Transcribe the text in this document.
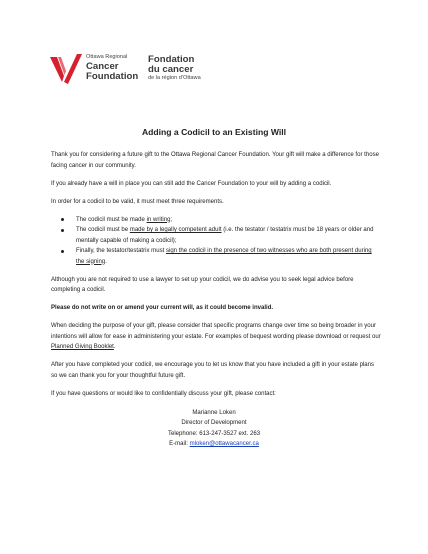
Ottawa Regional
Cancer
Foundation
Fondation
du cancer
de la région d'Ottawa
Adding a Codicil to an Existing Will

Thank you for considering a future gift to the Ottawa Regional Cancer Foundation. Your gift will make a difference for those facing cancer in our community.

If you already have a will in place you can still add the Cancer Foundation to your will by adding a codicil.

In order for a codicil to be valid, it must meet three requirements.

The codicil must be made in writing;
The codicil must be made by a legally competent adult (i.e. the testator / testatrix must be 18 years or older and mentally capable of making a codicil);
Finally, the testator/testatrix must sign the codicil in the presence of two witnesses who are both present during the signing.

Although you are not required to use a lawyer to set up your codicil, we do advise you to seek legal advice before completing a codicil.

Please do not write on or amend your current will, as it could become invalid.

When deciding the purpose of your gift, please consider that specific programs change over time so being broader in your intentions will allow for ease in administering your estate. For examples of bequest wording please download or request our Planned Giving Booklet.

After you have completed your codicil, we encourage you to let us know that you have included a gift in your estate plans so we can thank you for your thoughtful future gift.

If you have questions or would like to confidentially discuss your gift, please contact:

Marianne Loken
Director of Development
Telephone: 613-247-3527 ext. 263
E-mail: mloken@ottawacancer.ca
